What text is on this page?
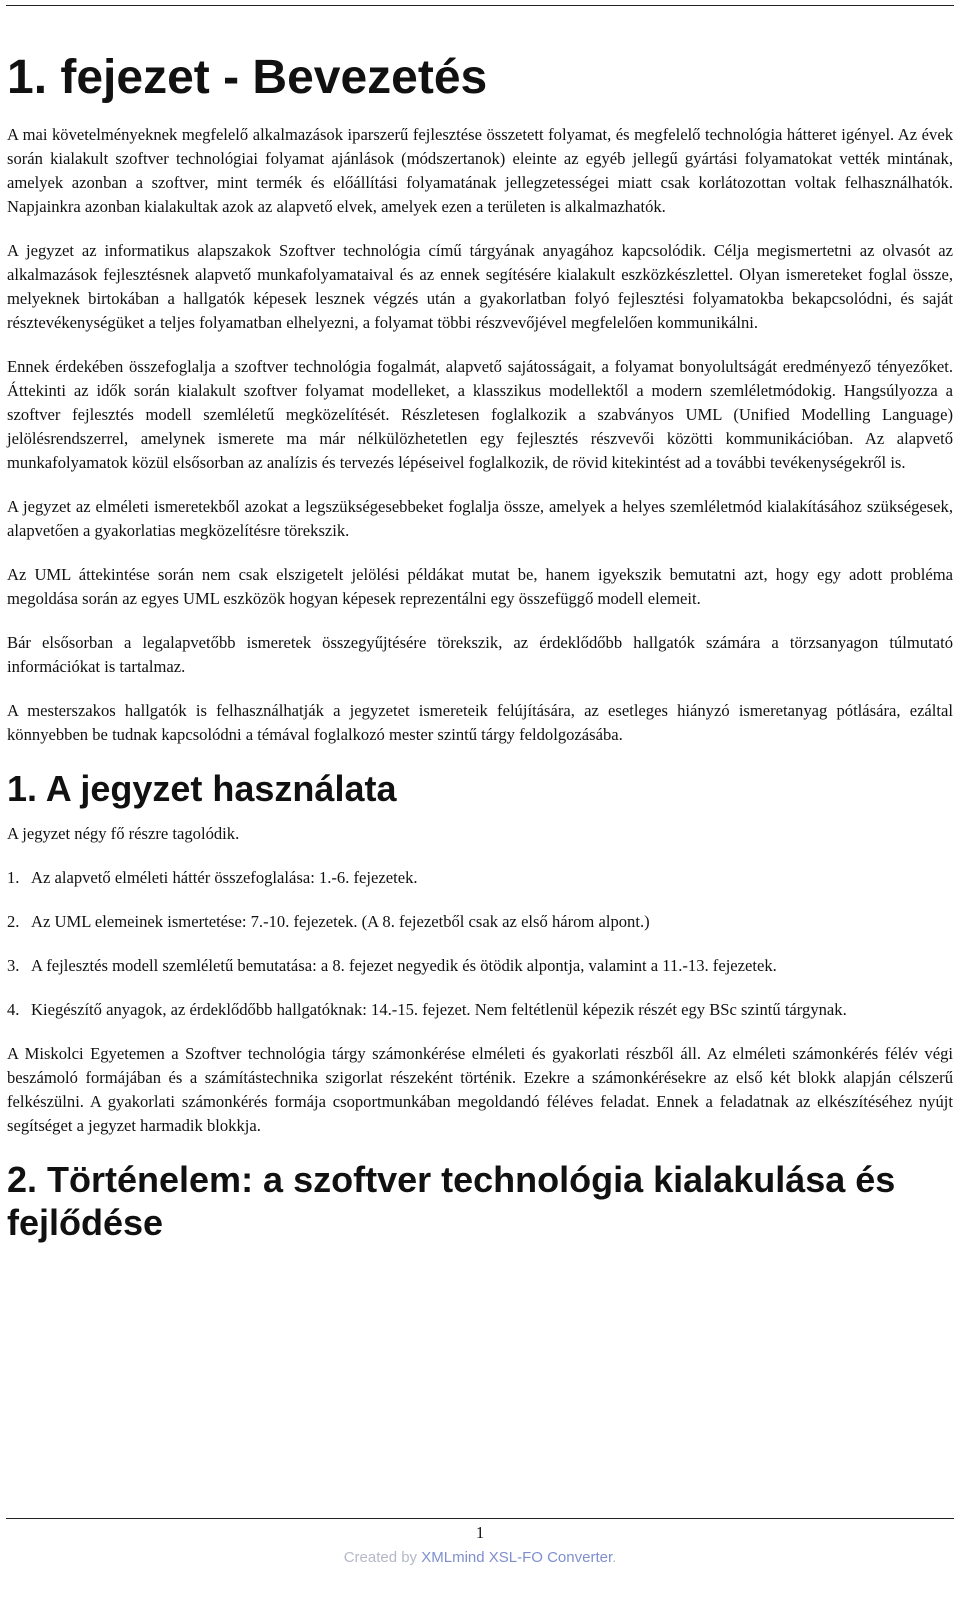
1. fejezet - Bevezetés

A mai követelményeknek megfelelő alkalmazások iparszerű fejlesztése összetett folyamat, és megfelelő technológia hátteret igényel. Az évek során kialakult szoftver technológiai folyamat ajánlások (módszertanok) eleinte az egyéb jellegű gyártási folyamatokat vették mintának, amelyek azonban a szoftver, mint termék és előállítási folyamatának jellegzetességei miatt csak korlátozottan voltak felhasználhatók. Napjainkra azonban kialakultak azok az alapvető elvek, amelyek ezen a területen is alkalmazhatók.

A jegyzet az informatikus alapszakok Szoftver technológia című tárgyának anyagához kapcsolódik. Célja megismertetni az olvasót az alkalmazások fejlesztésnek alapvető munkafolyamataival és az ennek segítésére kialakult eszközkészlettel. Olyan ismereteket foglal össze, melyeknek birtokában a hallgatók képesek lesznek végzés után a gyakorlatban folyó fejlesztési folyamatokba bekapcsolódni, és saját résztevékenységüket a teljes folyamatban elhelyezni, a folyamat többi részvevőjével megfelelően kommunikálni.

Ennek érdekében összefoglalja a szoftver technológia fogalmát, alapvető sajátosságait, a folyamat bonyolultságát eredményező tényezőket. Áttekinti az idők során kialakult szoftver folyamat modelleket, a klasszikus modellektől a modern szemléletmódokig. Hangsúlyozza a szoftver fejlesztés modell szemléletű megközelítését. Részletesen foglalkozik a szabványos UML (Unified Modelling Language) jelölésrendszerrel, amelynek ismerete ma már nélkülözhetetlen egy fejlesztés részvevői közötti kommunikációban. Az alapvető munkafolyamatok közül elsősorban az analízis és tervezés lépéseivel foglalkozik, de rövid kitekintést ad a további tevékenységekről is.

A jegyzet az elméleti ismeretekből azokat a legszükségesebbeket foglalja össze, amelyek a helyes szemléletmód kialakításához szükségesek, alapvetően a gyakorlatias megközelítésre törekszik.

Az UML áttekintése során nem csak elszigetelt jelölési példákat mutat be, hanem igyekszik bemutatni azt, hogy egy adott probléma megoldása során az egyes UML eszközök hogyan képesek reprezentálni egy összefüggő modell elemeit.

Bár elsősorban a legalapvetőbb ismeretek összegyűjtésére törekszik, az érdeklődőbb hallgatók számára a törzsanyagon túlmutató információkat is tartalmaz.

A mesterszakos hallgatók is felhasználhatják a jegyzetet ismereteik felújítására, az esetleges hiányzó ismeretanyag pótlására, ezáltal könnyebben be tudnak kapcsolódni a témával foglalkozó mester szintű tárgy feldolgozásába.

1. A jegyzet használata

A jegyzet négy fő részre tagolódik.

1. Az alapvető elméleti háttér összefoglalása: 1.-6. fejezetek.
2. Az UML elemeinek ismertetése: 7.-10. fejezetek. (A 8. fejezetből csak az első három alpont.)
3. A fejlesztés modell szemléletű bemutatása: a 8. fejezet negyedik és ötödik alpontja, valamint a 11.-13. fejezetek.
4. Kiegészítő anyagok, az érdeklődőbb hallgatóknak: 14.-15. fejezet. Nem feltétlenül képezik részét egy BSc szintű tárgynak.

A Miskolci Egyetemen a Szoftver technológia tárgy számonkérése elméleti és gyakorlati részből áll. Az elméleti számonkérés félév végi beszámoló formájában és a számítástechnika szigorlat részeként történik. Ezekre a számonkérésekre az első két blokk alapján célszerű felkészülni. A gyakorlati számonkérés formája csoportmunkában megoldandó féléves feladat. Ennek a feladatnak az elkészítéséhez nyújt segítséget a jegyzet harmadik blokkja.

2. Történelem: a szoftver technológia kialakulása és fejlődése
1
Created by XMLmind XSL-FO Converter.
